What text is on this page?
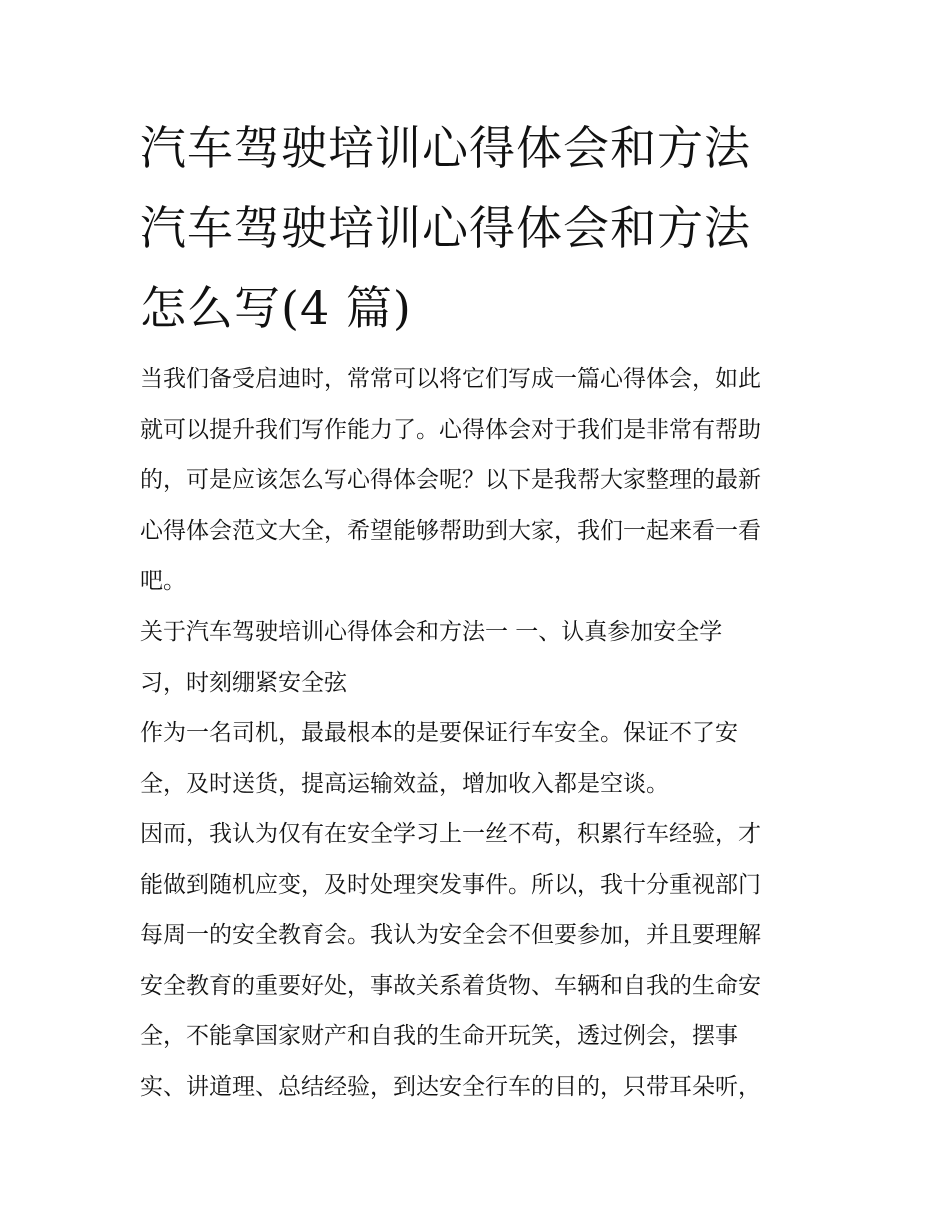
汽车驾驶培训心得体会和方法
汽车驾驶培训心得体会和方法
怎么写(4 篇)
当我们备受启迪时，常常可以将它们写成一篇心得体会，如此
就可以提升我们写作能力了。心得体会对于我们是非常有帮助
的，可是应该怎么写心得体会呢？以下是我帮大家整理的最新
心得体会范文大全，希望能够帮助到大家，我们一起来看一看
吧。
关于汽车驾驶培训心得体会和方法一 一、认真参加安全学
习，时刻绷紧安全弦
作为一名司机，最最根本的是要保证行车安全。保证不了安
全，及时送货，提高运输效益，增加收入都是空谈。
因而，我认为仅有在安全学习上一丝不苟，积累行车经验，才
能做到随机应变，及时处理突发事件。所以，我十分重视部门
每周一的安全教育会。我认为安全会不但要参加，并且要理解
安全教育的重要好处，事故关系着货物、车辆和自我的生命安
全，不能拿国家财产和自我的生命开玩笑，透过例会，摆事
实、讲道理、总结经验，到达安全行车的目的，只带耳朵听，
